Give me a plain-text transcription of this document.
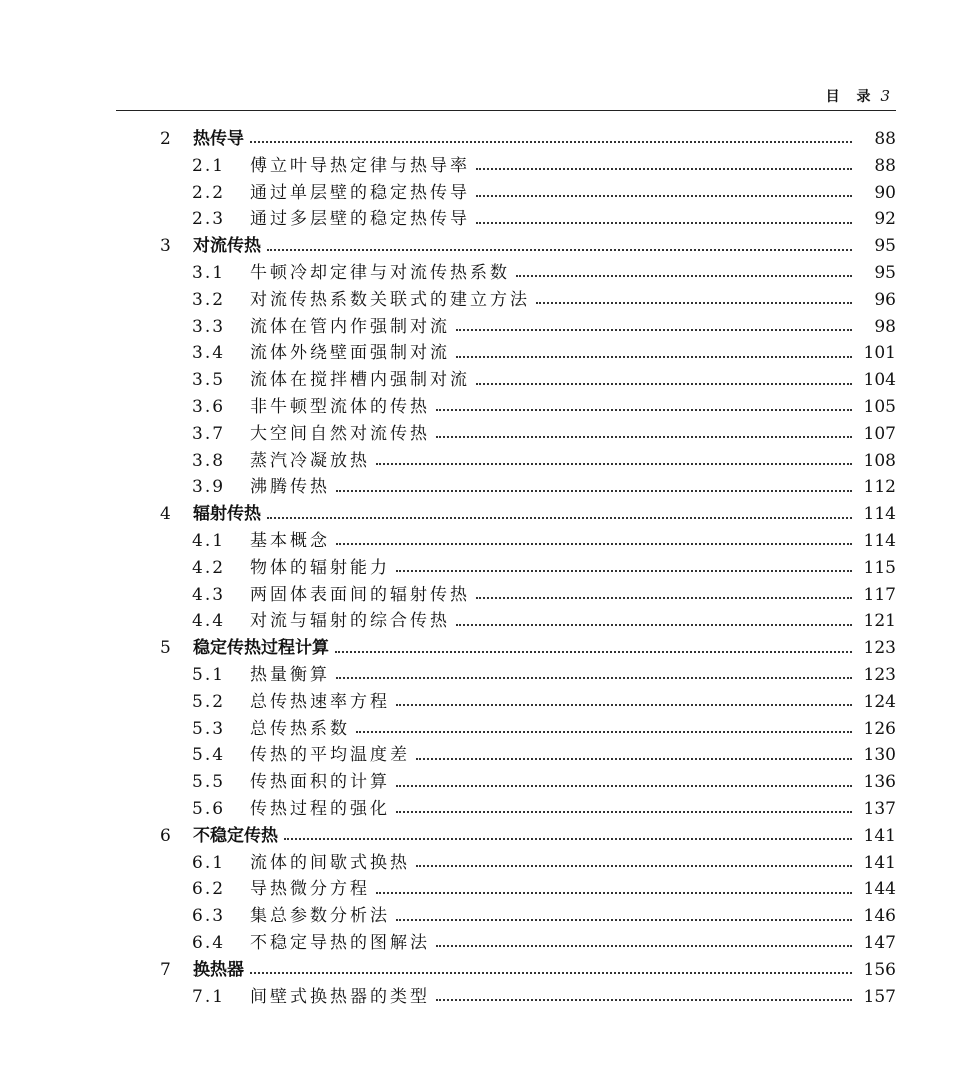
目 录 3
2	热传导	88
2.1	傅立叶导热定律与热导率	88
2.2	通过单层壁的稳定热传导	90
2.3	通过多层壁的稳定热传导	92
3	对流传热	95
3.1	牛顿冷却定律与对流传热系数	95
3.2	对流传热系数关联式的建立方法	96
3.3	流体在管内作强制对流	98
3.4	流体外绕壁面强制对流	101
3.5	流体在搅拌槽内强制对流	104
3.6	非牛顿型流体的传热	105
3.7	大空间自然对流传热	107
3.8	蒸汽冷凝放热	108
3.9	沸腾传热	112
4	辐射传热	114
4.1	基本概念	114
4.2	物体的辐射能力	115
4.3	两固体表面间的辐射传热	117
4.4	对流与辐射的综合传热	121
5	稳定传热过程计算	123
5.1	热量衡算	123
5.2	总传热速率方程	124
5.3	总传热系数	126
5.4	传热的平均温度差	130
5.5	传热面积的计算	136
5.6	传热过程的强化	137
6	不稳定传热	141
6.1	流体的间歇式换热	141
6.2	导热微分方程	144
6.3	集总参数分析法	146
6.4	不稳定导热的图解法	147
7	换热器	156
7.1	间壁式换热器的类型	157
